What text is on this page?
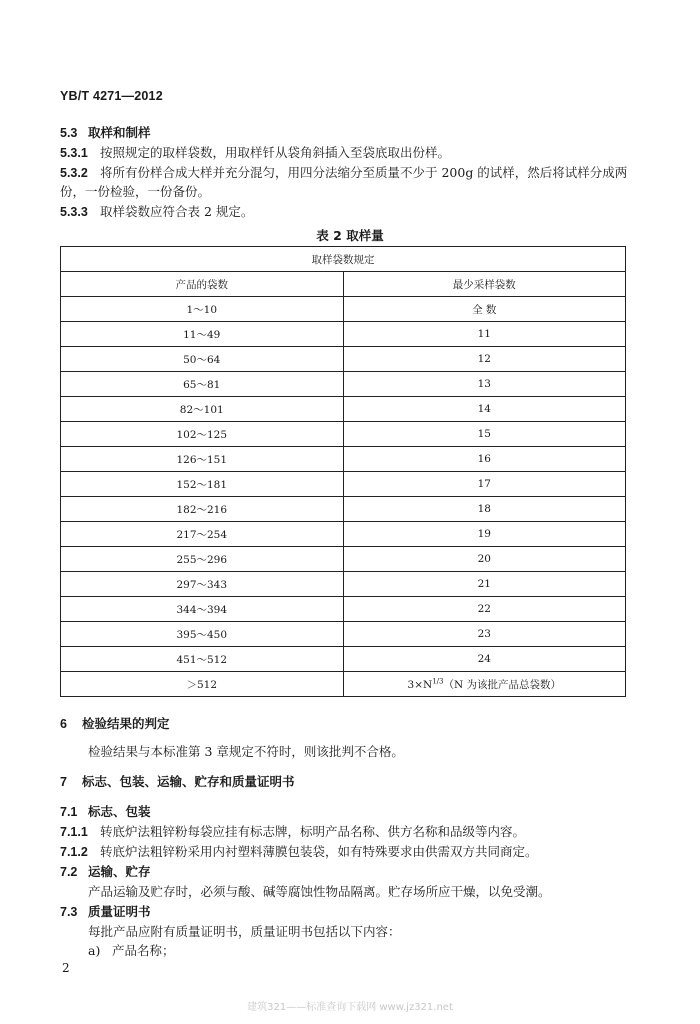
YB/T 4271—2012
5.3 取样和制样
5.3.1 按照规定的取样袋数，用取样钎从袋角斜插入至袋底取出份样。
5.3.2 将所有份样合成大样并充分混匀，用四分法缩分至质量不少于 200g 的试样，然后将试样分成两
份，一份检验，一份备份。
5.3.3 取样袋数应符合表 2 规定。
表 2 取样量
取样袋数规定	
产品的袋数	最少采样袋数
1～10	全 数
11～49	11
50～64	12
65～81	13
82～101	14
102～125	15
126～151	16
152～181	17
182～216	18
217～254	19
255～296	20
297～343	21
344～394	22
395～450	23
451～512	24
＞512	$3\times N^{1/3}(N$ 为该批产品总袋数）
6 检验结果的判定
检验结果与本标准第 3 章规定不符时，则该批判不合格。
7 标志、包装、运输、贮存和质量证明书
7.1 标志、包装
7.1.1 转底炉法粗锌粉每袋应挂有标志牌，标明产品名称、供方名称和品级等内容。
7.1.2 转底炉法粗锌粉采用内衬塑料薄膜包装袋，如有特殊要求由供需双方共同商定。
7.2 运输、贮存
产品运输及贮存时，必须与酸、碱等腐蚀性物品隔离。贮存场所应干燥，以免受潮。
7.3 质量证明书
每批产品应附有质量证明书，质量证明书包括以下内容：
a) 产品名称；
2
建筑321——标准查询下载网 www.jz321.net
